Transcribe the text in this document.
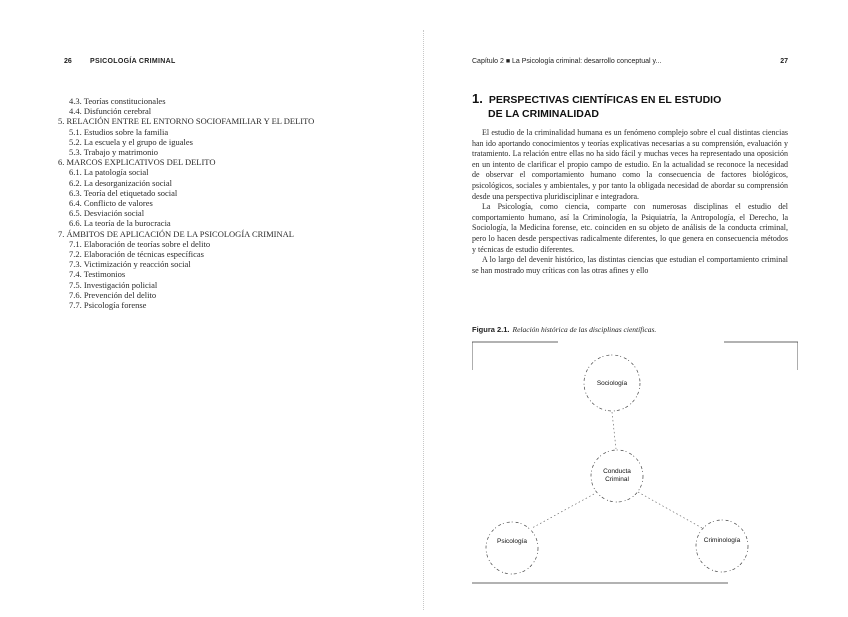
26	PSICOLOGÍA CRIMINAL
4.3. Teorías constitucionales
4.4. Disfunción cerebral
5. RELACIÓN ENTRE EL ENTORNO SOCIOFAMILIAR Y EL DELITO
5.1. Estudios sobre la familia
5.2. La escuela y el grupo de iguales
5.3. Trabajo y matrimonio
6. MARCOS EXPLICATIVOS DEL DELITO
6.1. La patología social
6.2. La desorganización social
6.3. Teoría del etiquetado social
6.4. Conflicto de valores
6.5. Desviación social
6.6. La teoría de la burocracia
7. ÁMBITOS DE APLICACIÓN DE LA PSICOLOGÍA CRIMINAL
7.1. Elaboración de teorías sobre el delito
7.2. Elaboración de técnicas específicas
7.3. Victimización y reacción social
7.4. Testimonios
7.5. Investigación policial
7.6. Prevención del delito
7.7. Psicología forense
Capítulo 2 ■ La Psicología criminal: desarrollo conceptual y...	27
1. PERSPECTIVAS CIENTÍFICAS EN EL ESTUDIO
DE LA CRIMINALIDAD

El estudio de la criminalidad humana es un fenómeno complejo sobre el cual distintas ciencias han ido aportando conocimientos y teorías explicativas necesarias a su comprensión, evaluación y tratamiento. La relación entre ellas no ha sido fácil y muchas veces ha representado una oposición en un intento de clarificar el propio campo de estudio. En la actualidad se reconoce la necesidad de observar el comportamiento humano como la consecuencia de factores biológicos, psicológicos, sociales y ambientales, y por tanto la obligada necesidad de abordar su comprensión desde una perspectiva pluridisciplinar e integradora.

La Psicología, como ciencia, comparte con numerosas disciplinas el estudio del comportamiento humano, así la Criminología, la Psiquiatría, la Antropología, el Derecho, la Sociología, la Medicina forense, etc. coinciden en su objeto de análisis de la conducta criminal, pero lo hacen desde perspectivas radicalmente diferentes, lo que genera en consecuencia métodos y técnicas de estudio diferentes.

A lo largo del devenir histórico, las distintas ciencias que estudian el comportamiento criminal se han mostrado muy críticas con las otras afines y ello

Figura 2.1. Relación histórica de las disciplinas científicas.
Sociología
Conducta
Criminal
Psicología	Criminología
